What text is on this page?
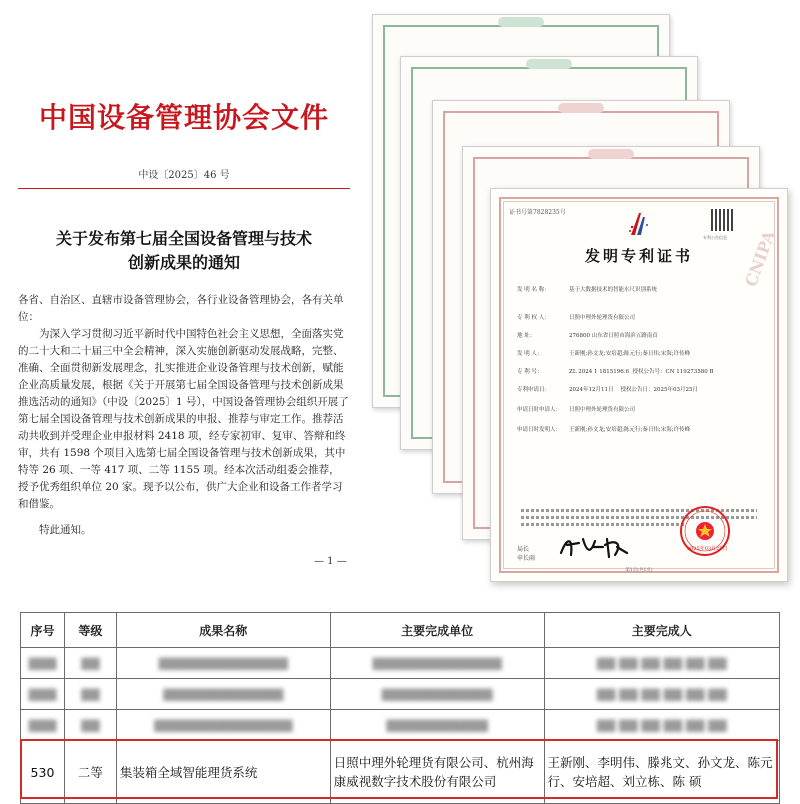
中国设备管理协会文件
中设〔2025〕46 号
关于发布第七届全国设备管理与技术
创新成果的通知
各省、自治区、直辖市设备管理协会，各行业设备管理协会，各有关单位：
为深入学习贯彻习近平新时代中国特色社会主义思想，全面落实党的二十大和二十届三中全会精神，深入实施创新驱动发展战略，完整、准确、全面贯彻新发展理念，扎实推进企业设备管理与技术创新，赋能企业高质量发展，根据《关于开展第七届全国设备管理与技术创新成果推选活动的通知》（中设〔2025〕1 号），中国设备管理协会组织开展了第七届全国设备管理与技术创新成果的申报、推荐与审定工作。推荐活动共收到并受理企业申报材料 2418 项，经专家初审、复审、答辩和终审，共有 1598 个项目入选第七届全国设备管理与技术创新成果，其中特等 26 项、一等 417 项、二等 1155 项。经本次活动组委会推荐，授予优秀组织单位 20 家。现予以公布，供广大企业和设备工作者学习和借鉴。
特此通知。
— 1 —
CNIPA
证书号第7828235号
专利公告信息
发明专利证书
发 明 名 称：	基于大数据技术的智能水尺识别系统
专 利 权 人：	日照中理外轮理货有限公司
地 址：	276800 山东省日照市海滨五路南首
发 明 人：	王新刚;孙文龙;安培超;陈元行;秦日伟;宋海;许传峰
专 利 号：	ZL 2024 1 1815196.6 授权公告号：CN 119273580 B
专利申请日：	2024年12月11日 授权公告日：2025年03月25日
申请日时申请人： 日照中理外轮理货有限公司
申请日时发明人： 王新刚;孙文龙;安培超;陈元行;秦日伟;宋海;许传峰
局长
申长雨
2025年03月25日
第1页(共1页)
序号	等级	成果名称	主要完成单位	主要完成人
▇▇▇	▇▇	▇▇▇▇▇▇▇▇▇▇▇▇▇▇	▇▇▇▇▇▇▇▇▇▇▇▇▇▇	▇▇ ▇▇ ▇▇ ▇▇ ▇▇ ▇▇
▇▇▇	▇▇	▇▇▇▇▇▇▇▇▇▇▇▇▇	▇▇▇▇▇▇▇▇▇▇▇▇	▇▇ ▇▇ ▇▇ ▇▇ ▇▇ ▇▇
▇▇▇	▇▇	▇▇▇▇▇▇▇▇▇▇▇▇▇▇▇	▇▇▇▇▇▇▇▇▇▇▇	▇▇ ▇▇ ▇▇ ▇▇ ▇▇ ▇▇
530	二等	集装箱全域智能理货系统	日照中理外轮理货有限公司、杭州海康威视数字技术股份有限公司	王新刚、李明伟、滕兆文、孙文龙、陈元行、安培超、刘立栋、陈 硕
